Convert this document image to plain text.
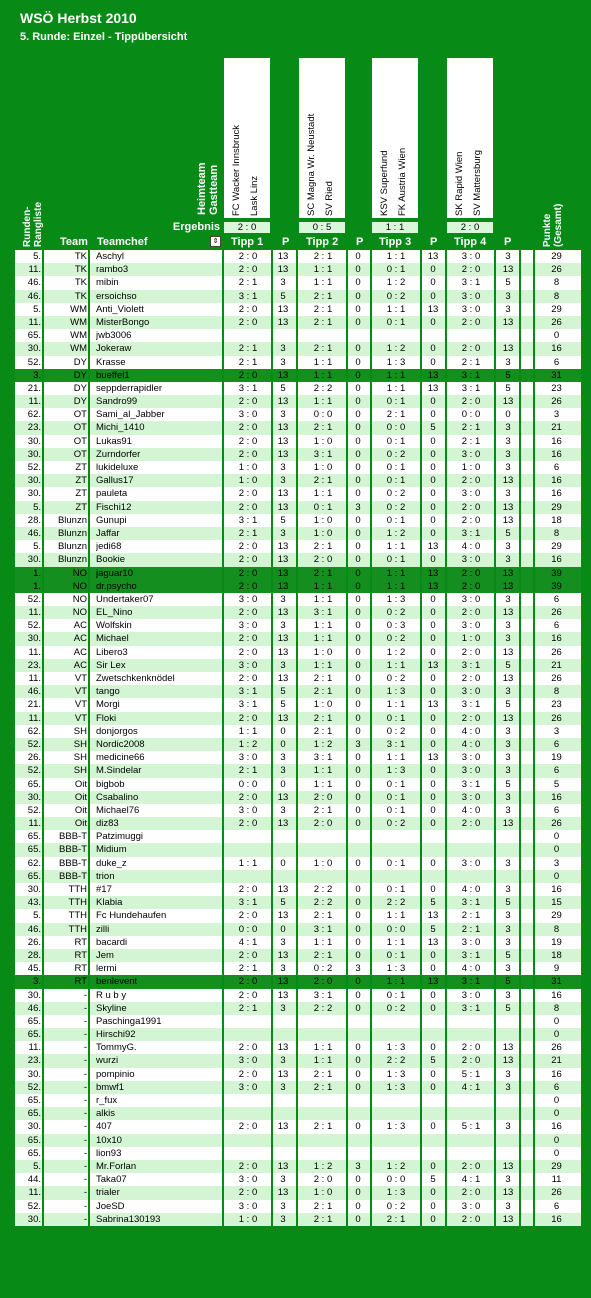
WSÖ Herbst 2010
5. Runde: Einzel - Tippübersicht
Runden-
Rangliste
Heimteam Gastteam
Punkte
(Gesamt)
FC Wacker Innsbruck Lask Linz	SC Magna Wr. Neustadt SV Ried	KSV Superfund FK Austria Wien	SK Rapid Wien SV Mattersburg
Ergebnis	2 : 0	0 : 5	1 : 1	2 : 0
Team Teamchef	⇕ Tipp 1 P Tipp 2 P Tipp 3 P Tipp 4 P
5.	TK Aschyl	2 : 0	13	2 : 1	0	1 : 1	13	3 : 0	3	29
11.	TK rambo3	2 : 0	13	1 : 1	0	0 : 1	0	2 : 0	13	26
46.	TK mibin	2 : 1	3	1 : 1	0	1 : 2	0	3 : 1	5	8
46.	TK ersoichso	3 : 1	5	2 : 1	0	0 : 2	0	3 : 0	3	8
5.	WM Anti_Violett	2 : 0	13	2 : 1	0	1 : 1	13	3 : 0	3	29
11.	WM MisterBongo	2 : 0	13	2 : 1	0	0 : 1	0	2 : 0	13	26
65.	WM jwb3006	0
30.	WM Jokeraw	2 : 1	3	2 : 1	0	1 : 2	0	2 : 0	13	16
52.	DY Krasse	2 : 1	3	1 : 1	0	1 : 3	0	2 : 1	3	6
3.	DY bueffel1	2 : 0	13	1 : 1	0	1 : 1	13	3 : 1	5	31
21.	DY seppderrapidler	3 : 1	5	2 : 2	0	1 : 1	13	3 : 1	5	23
11.	DY Sandro99	2 : 0	13	1 : 1	0	0 : 1	0	2 : 0	13	26
62.	OT Sami_al_Jabber	3 : 0	3	0 : 0	0	2 : 1	0	0 : 0	0	3
23.	OT Michi_1410	2 : 0	13	2 : 1	0	0 : 0	5	2 : 1	3	21
30.	OT Lukas91	2 : 0	13	1 : 0	0	0 : 1	0	2 : 1	3	16
30.	OT Zurndorfer	2 : 0	13	3 : 1	0	0 : 2	0	3 : 0	3	16
52.	ZT lukideluxe	1 : 0	3	1 : 0	0	0 : 1	0	1 : 0	3	6
30.	ZT Gallus17	1 : 0	3	2 : 1	0	0 : 1	0	2 : 0	13	16
30.	ZT pauleta	2 : 0	13	1 : 1	0	0 : 2	0	3 : 0	3	16
5.	ZT Fischi12	2 : 0	13	0 : 1	3	0 : 2	0	2 : 0	13	29
28.	Blunzn Gunupi	3 : 1	5	1 : 0	0	0 : 1	0	2 : 0	13	18
46.	Blunzn Jaffar	2 : 1	3	1 : 0	0	1 : 2	0	3 : 1	5	8
5.	Blunzn jedi68	2 : 0	13	2 : 1	0	1 : 1	13	4 : 0	3	29
30.	Blunzn Bookie	2 : 0	13	2 : 0	0	0 : 1	0	3 : 0	3	16
1.	NO jaguar10	2 : 0	13	2 : 1	0	1 : 1	13	2 : 0	13	39
1.	NO dr.psycho	2 : 0	13	1 : 1	0	1 : 1	13	2 : 0	13	39
52.	NO Undertaker07	3 : 0	3	1 : 1	0	1 : 3	0	3 : 0	3	6
11.	NO EL_Nino	2 : 0	13	3 : 1	0	0 : 2	0	2 : 0	13	26
52.	AC Wolfskin	3 : 0	3	1 : 1	0	0 : 3	0	3 : 0	3	6
30.	AC Michael	2 : 0	13	1 : 1	0	0 : 2	0	1 : 0	3	16
11.	AC Libero3	2 : 0	13	1 : 0	0	1 : 2	0	2 : 0	13	26
23.	AC Sir Lex	3 : 0	3	1 : 1	0	1 : 1	13	3 : 1	5	21
11.	VT Zwetschkenknödel	2 : 0	13	2 : 1	0	0 : 2	0	2 : 0	13	26
46.	VT tango	3 : 1	5	2 : 1	0	1 : 3	0	3 : 0	3	8
21.	VT Morgi	3 : 1	5	1 : 0	0	1 : 1	13	3 : 1	5	23
11.	VT Floki	2 : 0	13	2 : 1	0	0 : 1	0	2 : 0	13	26
62.	SH donjorgos	1 : 1	0	2 : 1	0	0 : 2	0	4 : 0	3	3
52.	SH Nordic2008	1 : 2	0	1 : 2	3	3 : 1	0	4 : 0	3	6
26.	SH medicine66	3 : 0	3	3 : 1	0	1 : 1	13	3 : 0	3	19
52.	SH M.Sindelar	2 : 1	3	1 : 1	0	1 : 3	0	3 : 0	3	6
65.	Oit bigbob	0 : 0	0	1 : 1	0	0 : 1	0	3 : 1	5	5
30.	Oit Csabalino	2 : 0	13	2 : 0	0	0 : 1	0	3 : 0	3	16
52.	Oit Michael76	3 : 0	3	2 : 1	0	0 : 1	0	4 : 0	3	6
11.	Oit diz83	2 : 0	13	2 : 0	0	0 : 2	0	2 : 0	13	26
65.	BBB-T Patzimuggi	0
65.	BBB-T Midium	0
62.	BBB-T duke_z	1 : 1	0	1 : 0	0	0 : 1	0	3 : 0	3	3
65.	BBB-T trion	0
30.	TTH #17	2 : 0	13	2 : 2	0	0 : 1	0	4 : 0	3	16
43.	TTH Klabia	3 : 1	5	2 : 2	0	2 : 2	5	3 : 1	5	15
5.	TTH Fc Hundehaufen	2 : 0	13	2 : 1	0	1 : 1	13	2 : 1	3	29
46.	TTH zilli	0 : 0	0	3 : 1	0	0 : 0	5	2 : 1	3	8
26.	RT bacardi	4 : 1	3	1 : 1	0	1 : 1	13	3 : 0	3	19
28.	RT Jem	2 : 0	13	2 : 1	0	0 : 1	0	3 : 1	5	18
45.	RT lermi	2 : 1	3	0 : 2	3	1 : 3	0	4 : 0	3	9
3.	RT benlevent	2 : 0	13	2 : 0	0	1 : 1	13	3 : 1	5	31
30.	- R u b y	2 : 0	13	3 : 1	0	0 : 1	0	3 : 0	3	16
46.	- Skyline	2 : 1	3	2 : 2	0	0 : 2	0	3 : 1	5	8
65.	- Paschinga1991	0
65.	- Hirschi92	0
11.	- TommyG.	2 : 0	13	1 : 1	0	1 : 3	0	2 : 0	13	26
23.	- wurzi	3 : 0	3	1 : 1	0	2 : 2	5	2 : 0	13	21
30.	- pompinio	2 : 0	13	2 : 1	0	1 : 3	0	5 : 1	3	16
52.	- bmwf1	3 : 0	3	2 : 1	0	1 : 3	0	4 : 1	3	6
65.	- r_fux	0
65.	- alkis	0
30.	- 407	2 : 0	13	2 : 1	0	1 : 3	0	5 : 1	3	16
65.	- 10x10	0
65.	- lion93	0
5.	- Mr.Forlan	2 : 0	13	1 : 2	3	1 : 2	0	2 : 0	13	29
44.	- Taka07	3 : 0	3	2 : 0	0	0 : 0	5	4 : 1	3	11
11.	- trialer	2 : 0	13	1 : 0	0	1 : 3	0	2 : 0	13	26
52.	- JoeSD	3 : 0	3	2 : 1	0	0 : 2	0	3 : 0	3	6
30.	- Sabrina130193	1 : 0	3	2 : 1	0	2 : 1	0	2 : 0	13	16
